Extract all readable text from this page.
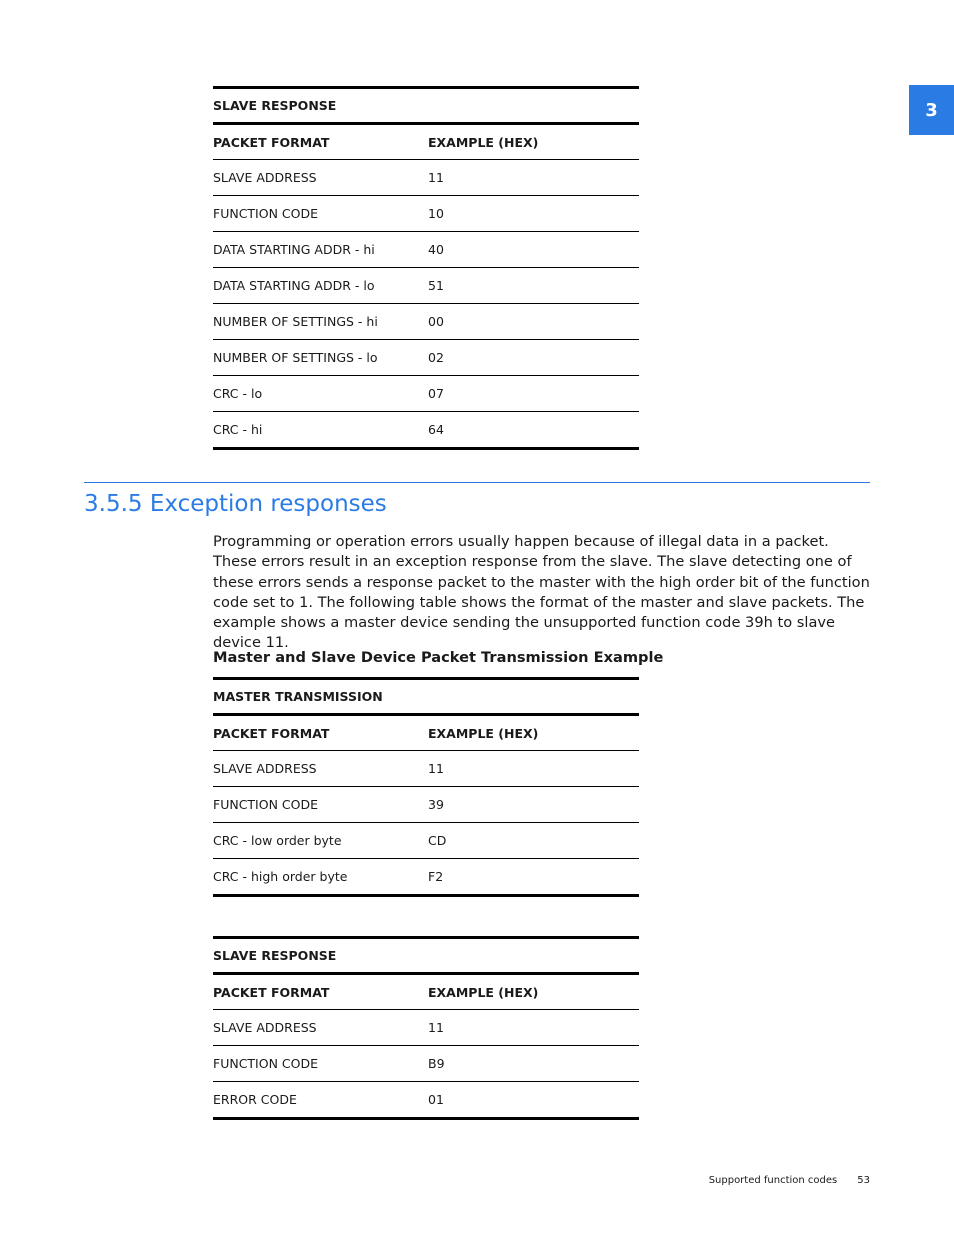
3
SLAVE RESPONSE	
PACKET FORMAT	EXAMPLE (HEX)
SLAVE ADDRESS	11
FUNCTION CODE	10
DATA STARTING ADDR - hi	40
DATA STARTING ADDR - lo	51
NUMBER OF SETTINGS - hi	00
NUMBER OF SETTINGS - lo	02
CRC - lo	07
CRC - hi	64
3.5.5 Exception responses

Programming or operation errors usually happen because of illegal data in a packet. These errors result in an exception response from the slave. The slave detecting one of these errors sends a response packet to the master with the high order bit of the function code set to 1. The following table shows the format of the master and slave packets. The example shows a master device sending the unsupported function code 39h to slave device 11.

Master and Slave Device Packet Transmission Example

MASTER TRANSMISSION	
PACKET FORMAT	EXAMPLE (HEX)
SLAVE ADDRESS	11
FUNCTION CODE	39
CRC - low order byte	CD
CRC - high order byte	F2
SLAVE RESPONSE	
PACKET FORMAT	EXAMPLE (HEX)
SLAVE ADDRESS	11
FUNCTION CODE	B9
ERROR CODE	01
Supported function codes 53
